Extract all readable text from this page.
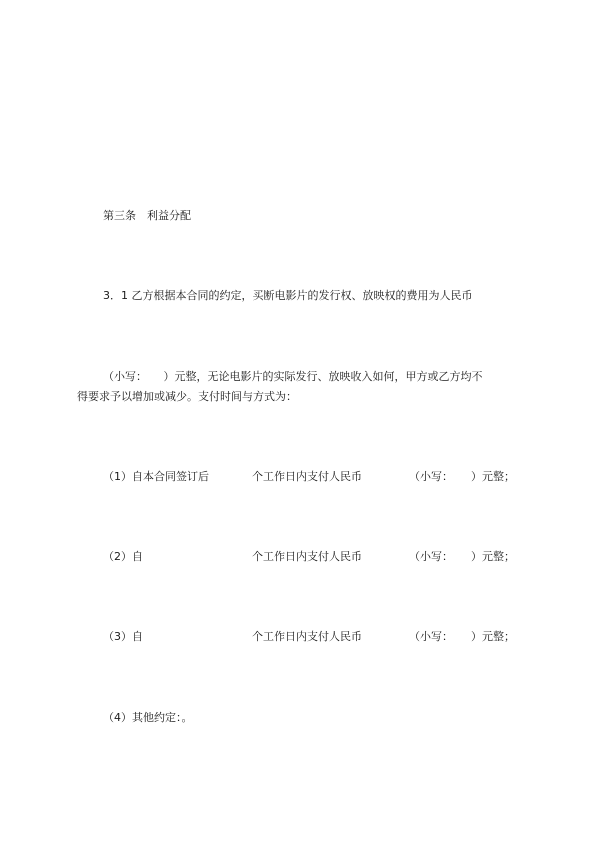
第三条　利益分配
3．1 乙方根据本合同的约定，买断电影片的发行权、放映权的费用为人民币
（小写：　　）元整，无论电影片的实际发行、放映收入如何，甲方或乙方均不
得要求予以增加或减少。支付时间与方式为：
（1）自本合同签订后	个工作日内支付人民币	（小写： ）元整；
（2）自	个工作日内支付人民币	（小写： ）元整；
（3）自	个工作日内支付人民币	（小写： ）元整；
（4）其他约定：。
